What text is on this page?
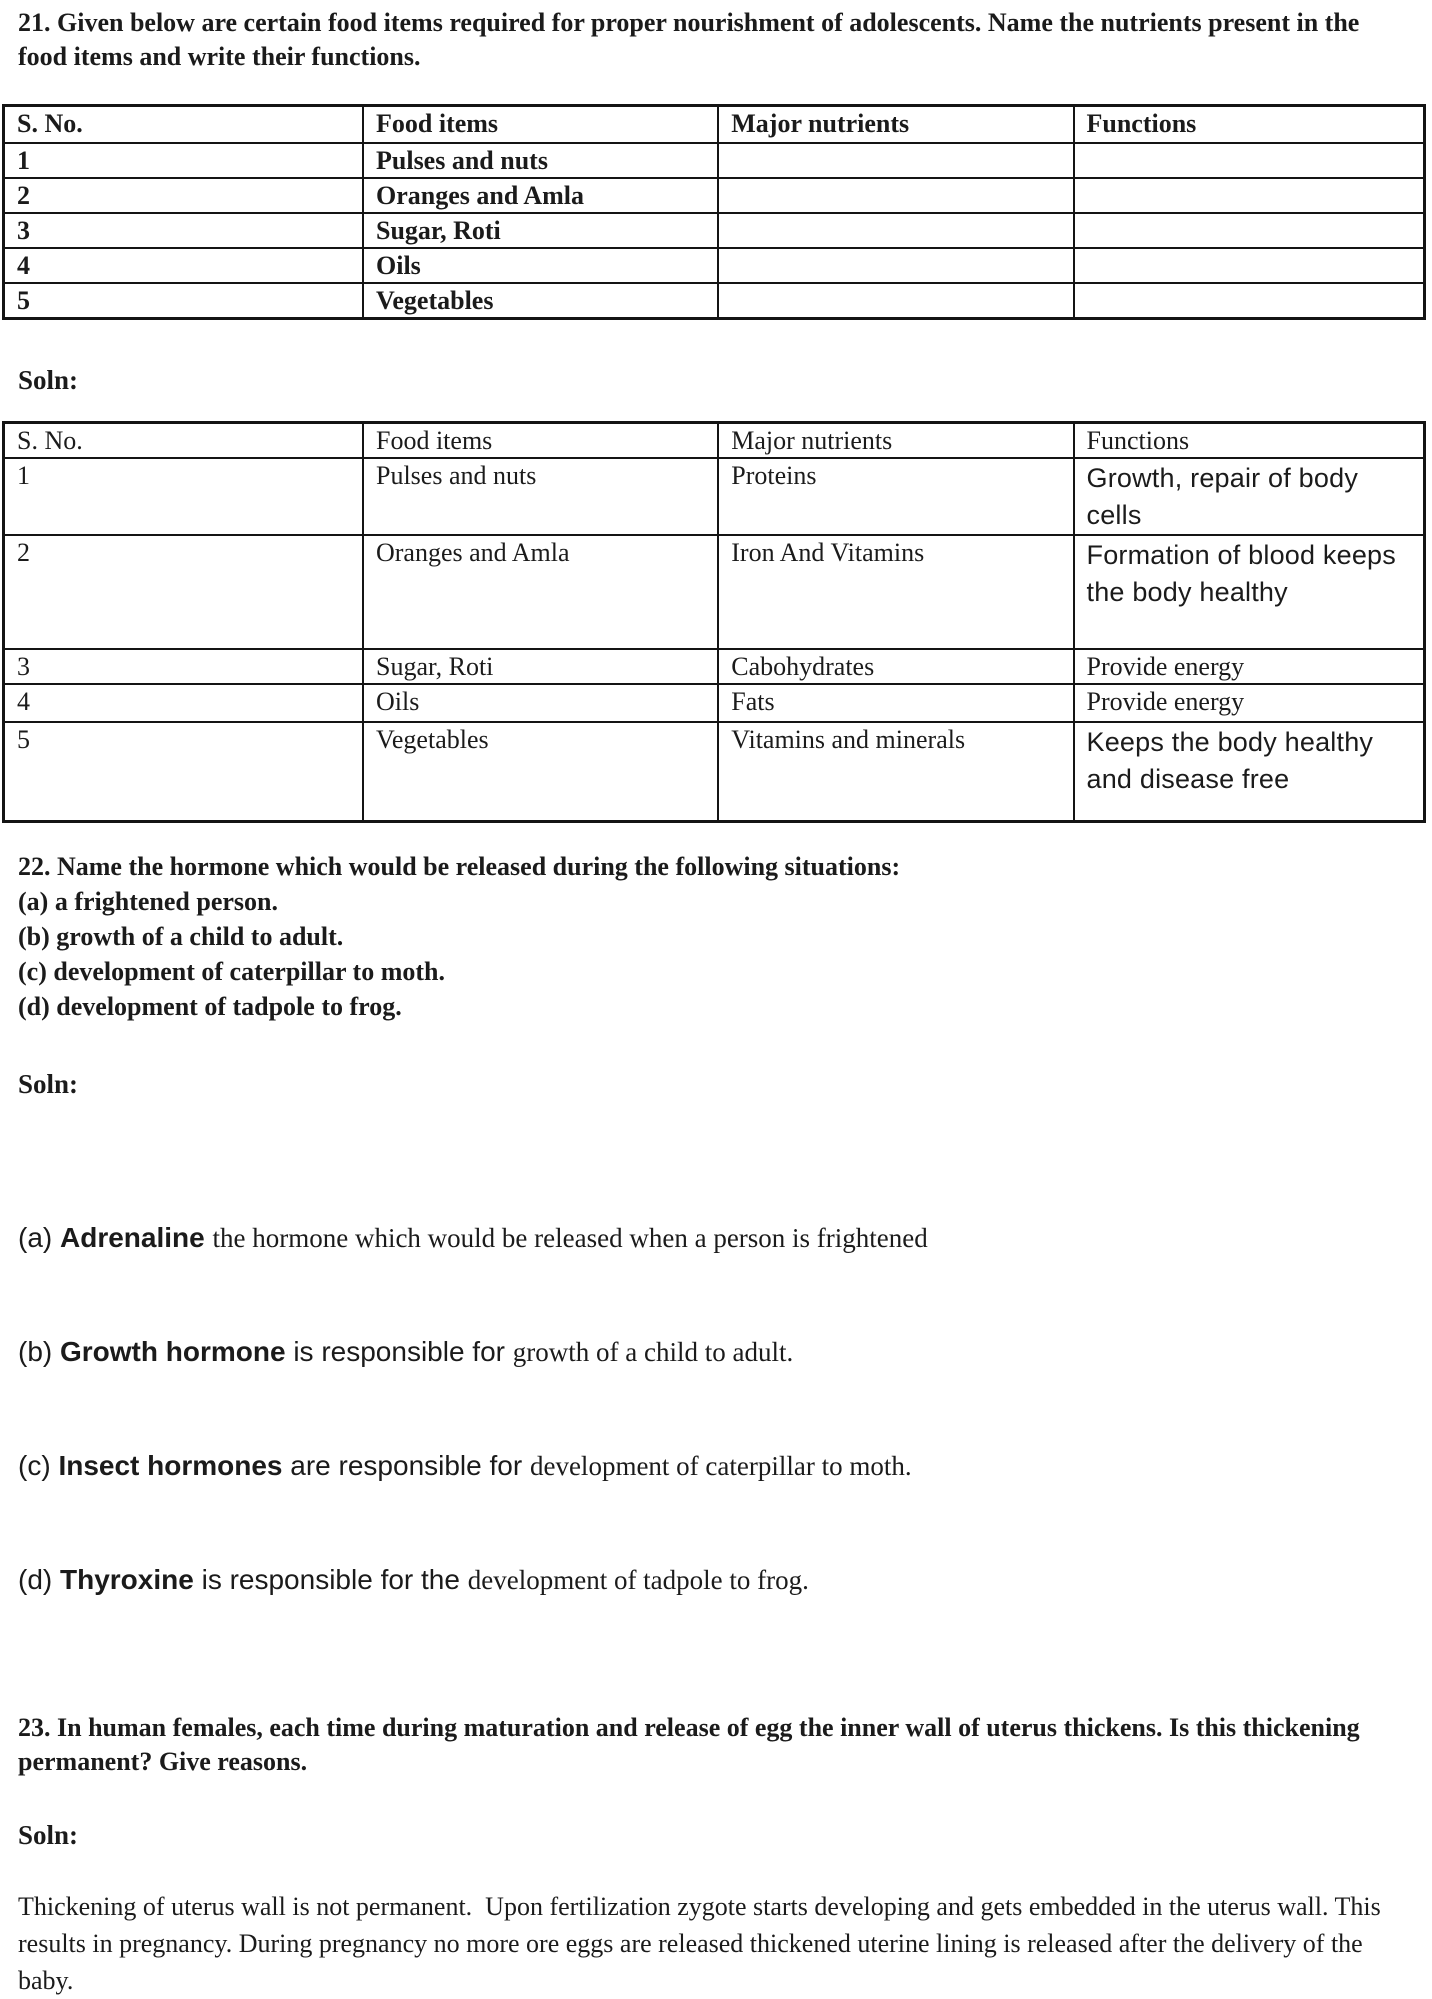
21. Given below are certain food items required for proper nourishment of adolescents. Name the nutrients present in the food items and write their functions.
S. No.	Food items	Major nutrients	Functions
1	Pulses and nuts		
2	Oranges and Amla		
3	Sugar, Roti		
4	Oils		
5	Vegetables		
Soln:
S. No.	Food items	Major nutrients	Functions
1	Pulses and nuts	Proteins	Growth, repair of body cells
2	Oranges and Amla	Iron And Vitamins	Formation of blood keeps the body healthy
3	Sugar, Roti	Cabohydrates	Provide energy
4	Oils	Fats	Provide energy
5	Vegetables	Vitamins and minerals	Keeps the body healthy and disease free
22. Name the hormone which would be released during the following situations:
(a) a frightened person.
(b) growth of a child to adult.
(c) development of caterpillar to moth.
(d) development of tadpole to frog.
Soln:

(a) Adrenaline the hormone which would be released when a person is frightened

(b) Growth hormone is responsible for growth of a child to adult.

(c) Insect hormones are responsible for development of caterpillar to moth.

(d) Thyroxine is responsible for the development of tadpole to frog.

23. In human females, each time during maturation and release of egg the inner wall of uterus thickens. Is this thickening permanent? Give reasons.
Soln:
Thickening of uterus wall is not permanent.  Upon fertilization zygote starts developing and gets embedded in the uterus wall. This results in pregnancy. During pregnancy no more ore eggs are released thickened uterine lining is released after the delivery of the baby.
